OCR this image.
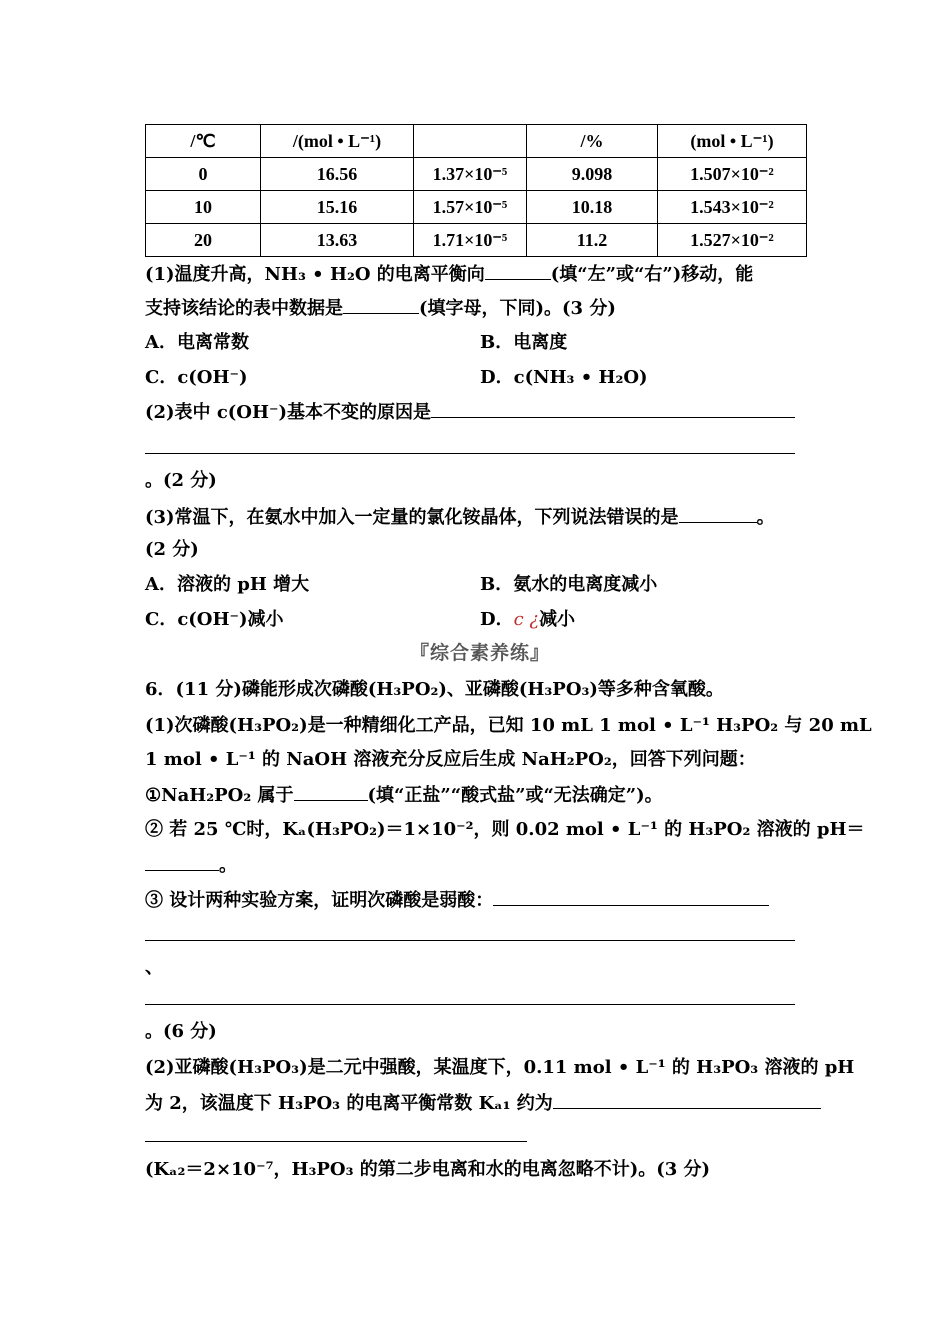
/℃	/(mol • L⁻¹)		/%	(mol • L⁻¹)
0	16.56	1.37×10⁻⁵	9.098	1.507×10⁻²
10	15.16	1.57×10⁻⁵	10.18	1.543×10⁻²
20	13.63	1.71×10⁻⁵	11.2	1.527×10⁻²
(1)温度升高，NH₃ • H₂O 的电离平衡向	(填“左”或“右”)移动，能
支持该结论的表中数据是	(填字母，下同)。(3 分)
A．电离常数	B．电离度
C．c(OH⁻)	D．c(NH₃ • H₂O)
(2)表中 c(OH⁻)基本不变的原因是
。(2 分)
(3)常温下，在氨水中加入一定量的氯化铵晶体，下列说法错误的是	。
(2 分)
A．溶液的 pH 增大	B．氨水的电离度减小
C．c(OH⁻)减小	D．c ¿减小
『综合素养练』
6．(11 分)磷能形成次磷酸(H₃PO₂)、亚磷酸(H₃PO₃)等多种含氧酸。
(1)次磷酸(H₃PO₂)是一种精细化工产品，已知 10 mL 1 mol • L⁻¹ H₃PO₂ 与 20 mL
1 mol • L⁻¹ 的 NaOH 溶液充分反应后生成 NaH₂PO₂，回答下列问题：
①NaH₂PO₂ 属于	(填“正盐”“酸式盐”或“无法确定”)。
② 若 25 ℃时，Kₐ(H₃PO₂)＝1×10⁻²，则 0.02 mol • L⁻¹ 的 H₃PO₂ 溶液的 pH＝
。
③ 设计两种实验方案，证明次磷酸是弱酸：
、
。(6 分)
(2)亚磷酸(H₃PO₃)是二元中强酸，某温度下，0.11 mol • L⁻¹ 的 H₃PO₃ 溶液的 pH
为 2，该温度下 H₃PO₃ 的电离平衡常数 Kₐ₁ 约为
(Kₐ₂＝2×10⁻⁷，H₃PO₃ 的第二步电离和水的电离忽略不计)。(3 分)
